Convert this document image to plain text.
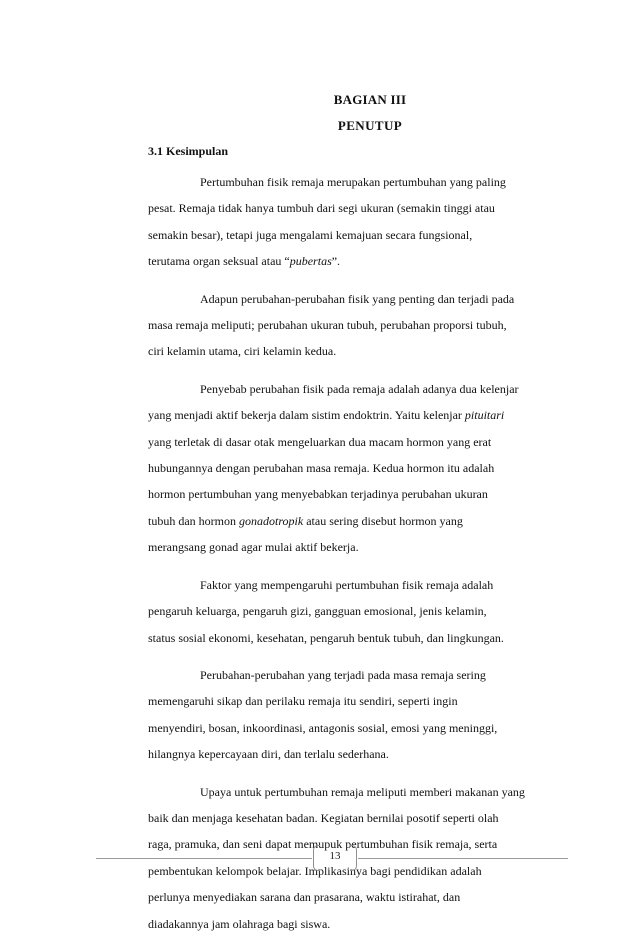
BAGIAN III
PENUTUP
3.1 Kesimpulan
Pertumbuhan fisik remaja merupakan pertumbuhan yang paling
pesat. Remaja tidak hanya tumbuh dari segi ukuran (semakin tinggi atau
semakin besar), tetapi juga mengalami kemajuan secara fungsional,
terutama organ seksual atau “pubertas”.
Adapun perubahan-perubahan fisik yang penting dan terjadi pada
masa remaja meliputi; perubahan ukuran tubuh, perubahan proporsi tubuh,
ciri kelamin utama, ciri kelamin kedua.
Penyebab perubahan fisik pada remaja adalah adanya dua kelenjar
yang menjadi aktif bekerja dalam sistim endoktrin. Yaitu kelenjar pituitari
yang terletak di dasar otak mengeluarkan dua macam hormon yang erat
hubungannya dengan perubahan masa remaja. Kedua hormon itu adalah
hormon pertumbuhan yang menyebabkan terjadinya perubahan ukuran
tubuh dan hormon gonadotropik atau sering disebut hormon yang
merangsang gonad agar mulai aktif bekerja.
Faktor yang mempengaruhi pertumbuhan fisik remaja adalah
pengaruh keluarga, pengaruh gizi, gangguan emosional, jenis kelamin,
status sosial ekonomi, kesehatan, pengaruh bentuk tubuh, dan lingkungan.
Perubahan-perubahan yang terjadi pada masa remaja sering
memengaruhi sikap dan perilaku remaja itu sendiri, seperti ingin
menyendiri, bosan, inkoordinasi, antagonis sosial, emosi yang meninggi,
hilangnya kepercayaan diri, dan terlalu sederhana.
Upaya untuk pertumbuhan remaja meliputi memberi makanan yang
baik dan menjaga kesehatan badan. Kegiatan bernilai posotif seperti olah
raga, pramuka, dan seni dapat memupuk pertumbuhan fisik remaja, serta
pembentukan kelompok belajar. Implikasinya bagi pendidikan adalah
perlunya menyediakan sarana dan prasarana, waktu istirahat, dan
diadakannya jam olahraga bagi siswa.
13
